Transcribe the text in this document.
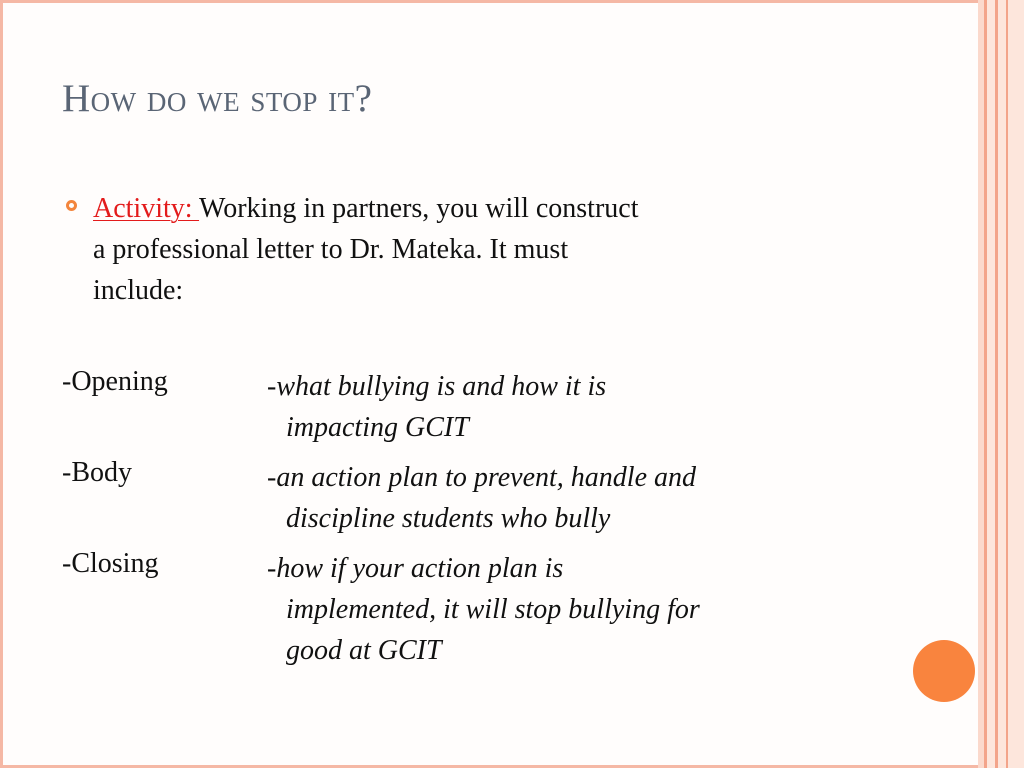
How do we stop it?
Activity: Working in partners, you will construct
a professional letter to Dr. Mateka. It must
include:
-Opening	-what bullying is and how it is
impacting GCIT
-Body	-an action plan to prevent, handle and
discipline students who bully
-Closing	-how if your action plan is
implemented, it will stop bullying for
good at GCIT
